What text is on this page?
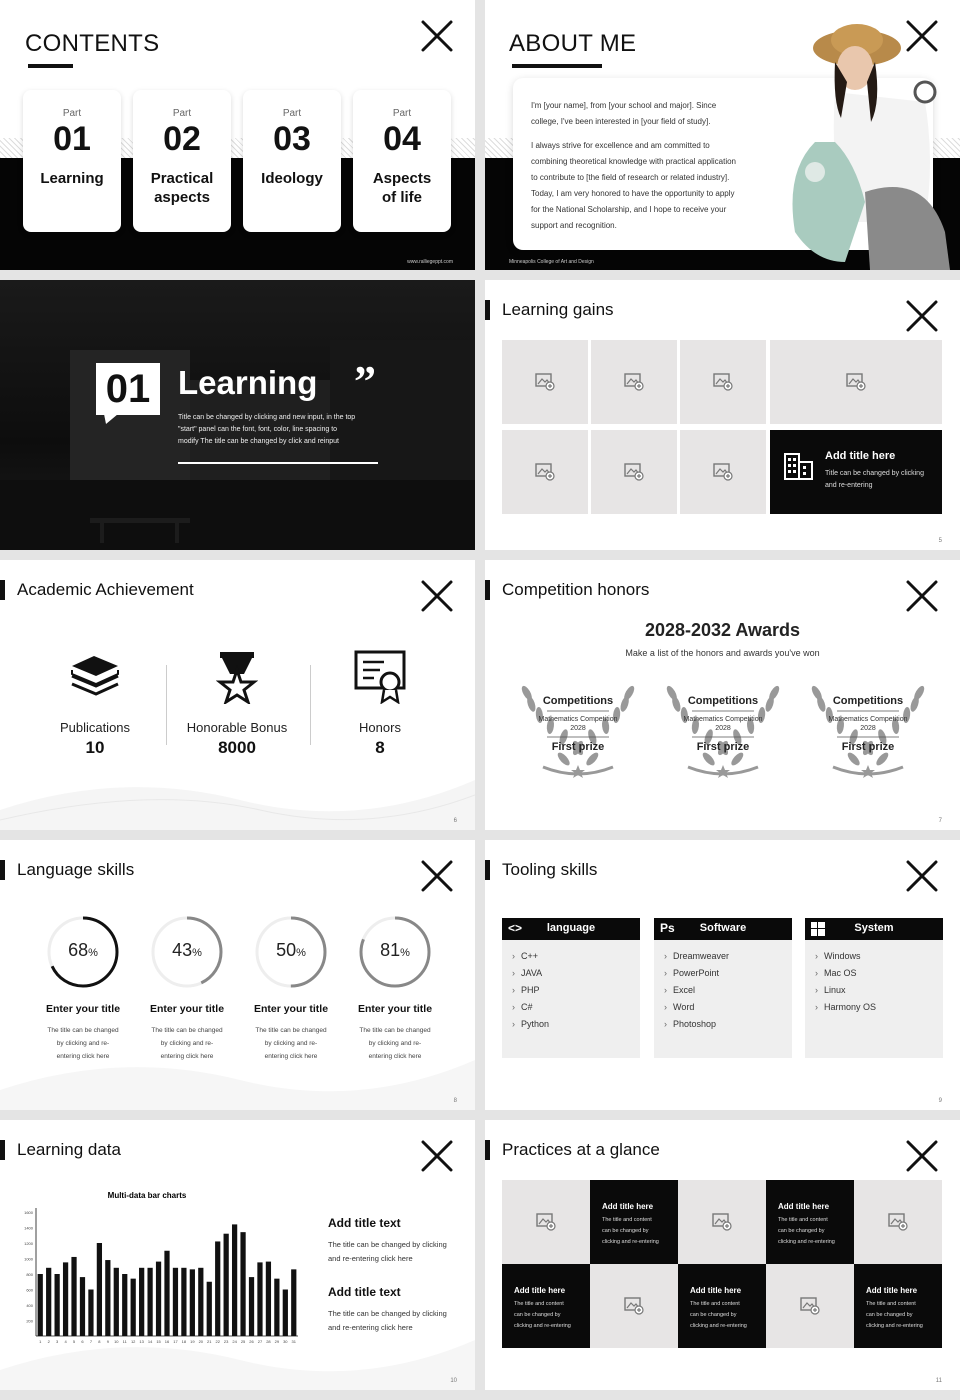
CONTENTS
Part
01
Learning

Part
02
Practical
aspects
Part
03
Ideology

Part
04
Aspects
of life
www.ralliegeppt.com
ABOUT ME

I'm [your name], from [your school and major]. Since

college, I've been interested in [your field of study].

I always strive for excellence and am committed to

combining theoretical knowledge with practical application

to contribute to [the field of research or related industry].

Today, I am very honored to have the opportunity to apply

for the National Scholarship, and I hope to receive your

support and recognition.

Minneapolis College of Art and Design
01 Learning ”
Title can be changed by clicking and new input, in the top
"start" panel can the font, font, color, line spacing to
modify The title can be changed by click and reinput
Learning gains
Add title here
Title can be changed by clicking
and re-entering
5
Academic Achievement
Publications
10
Honorable Bonus
8000
Honors
8
6
Competition honors
2028-2032 Awards
Make a list of the honors and awards you've won
Competitions
Mathematics Competition
2028
First prize
Competitions
Mathematics Competition
2028
First prize
Competitions
Mathematics Competition
2028
First prize
7
Language skills
68%
Enter your title
The title can be changed
by clicking and re-
entering click here
43%
Enter your title
The title can be changed
by clicking and re-
entering click here
50%
Enter your title
The title can be changed
by clicking and re-
entering click here
81%
Enter your title
The title can be changed
by clicking and re-
entering click here
8
Tooling skills
<>	language
› C++
› JAVA
› PHP
› C#
› Python
Ps	Software
› Dreamweaver
› PowerPoint
› Excel
› Word
› Photoshop
System
› Windows
› Mac OS
› Linux
› Harmony OS
9
Learning data
Multi-data bar charts
200
400
600
800
1000
1200
1400
1600
1 2 3 4 5 6 7 8 9 10 11 12 13 14 15 16 17 18 19 20 21 22 23 24 25 26 27 28 29 30 31
Add title text
The title can be changed by clicking
and re-entering click here
Add title text
The title can be changed by clicking
and re-entering click here
10
Practices at a glance
Add title here
The title and content
can be changed by
clicking and re-entering
Add title here
The title and content
can be changed by
clicking and re-entering
Add title here
The title and content
can be changed by
clicking and re-entering
Add title here
The title and content
can be changed by
clicking and re-entering
Add title here
The title and content
can be changed by
clicking and re-entering
11
